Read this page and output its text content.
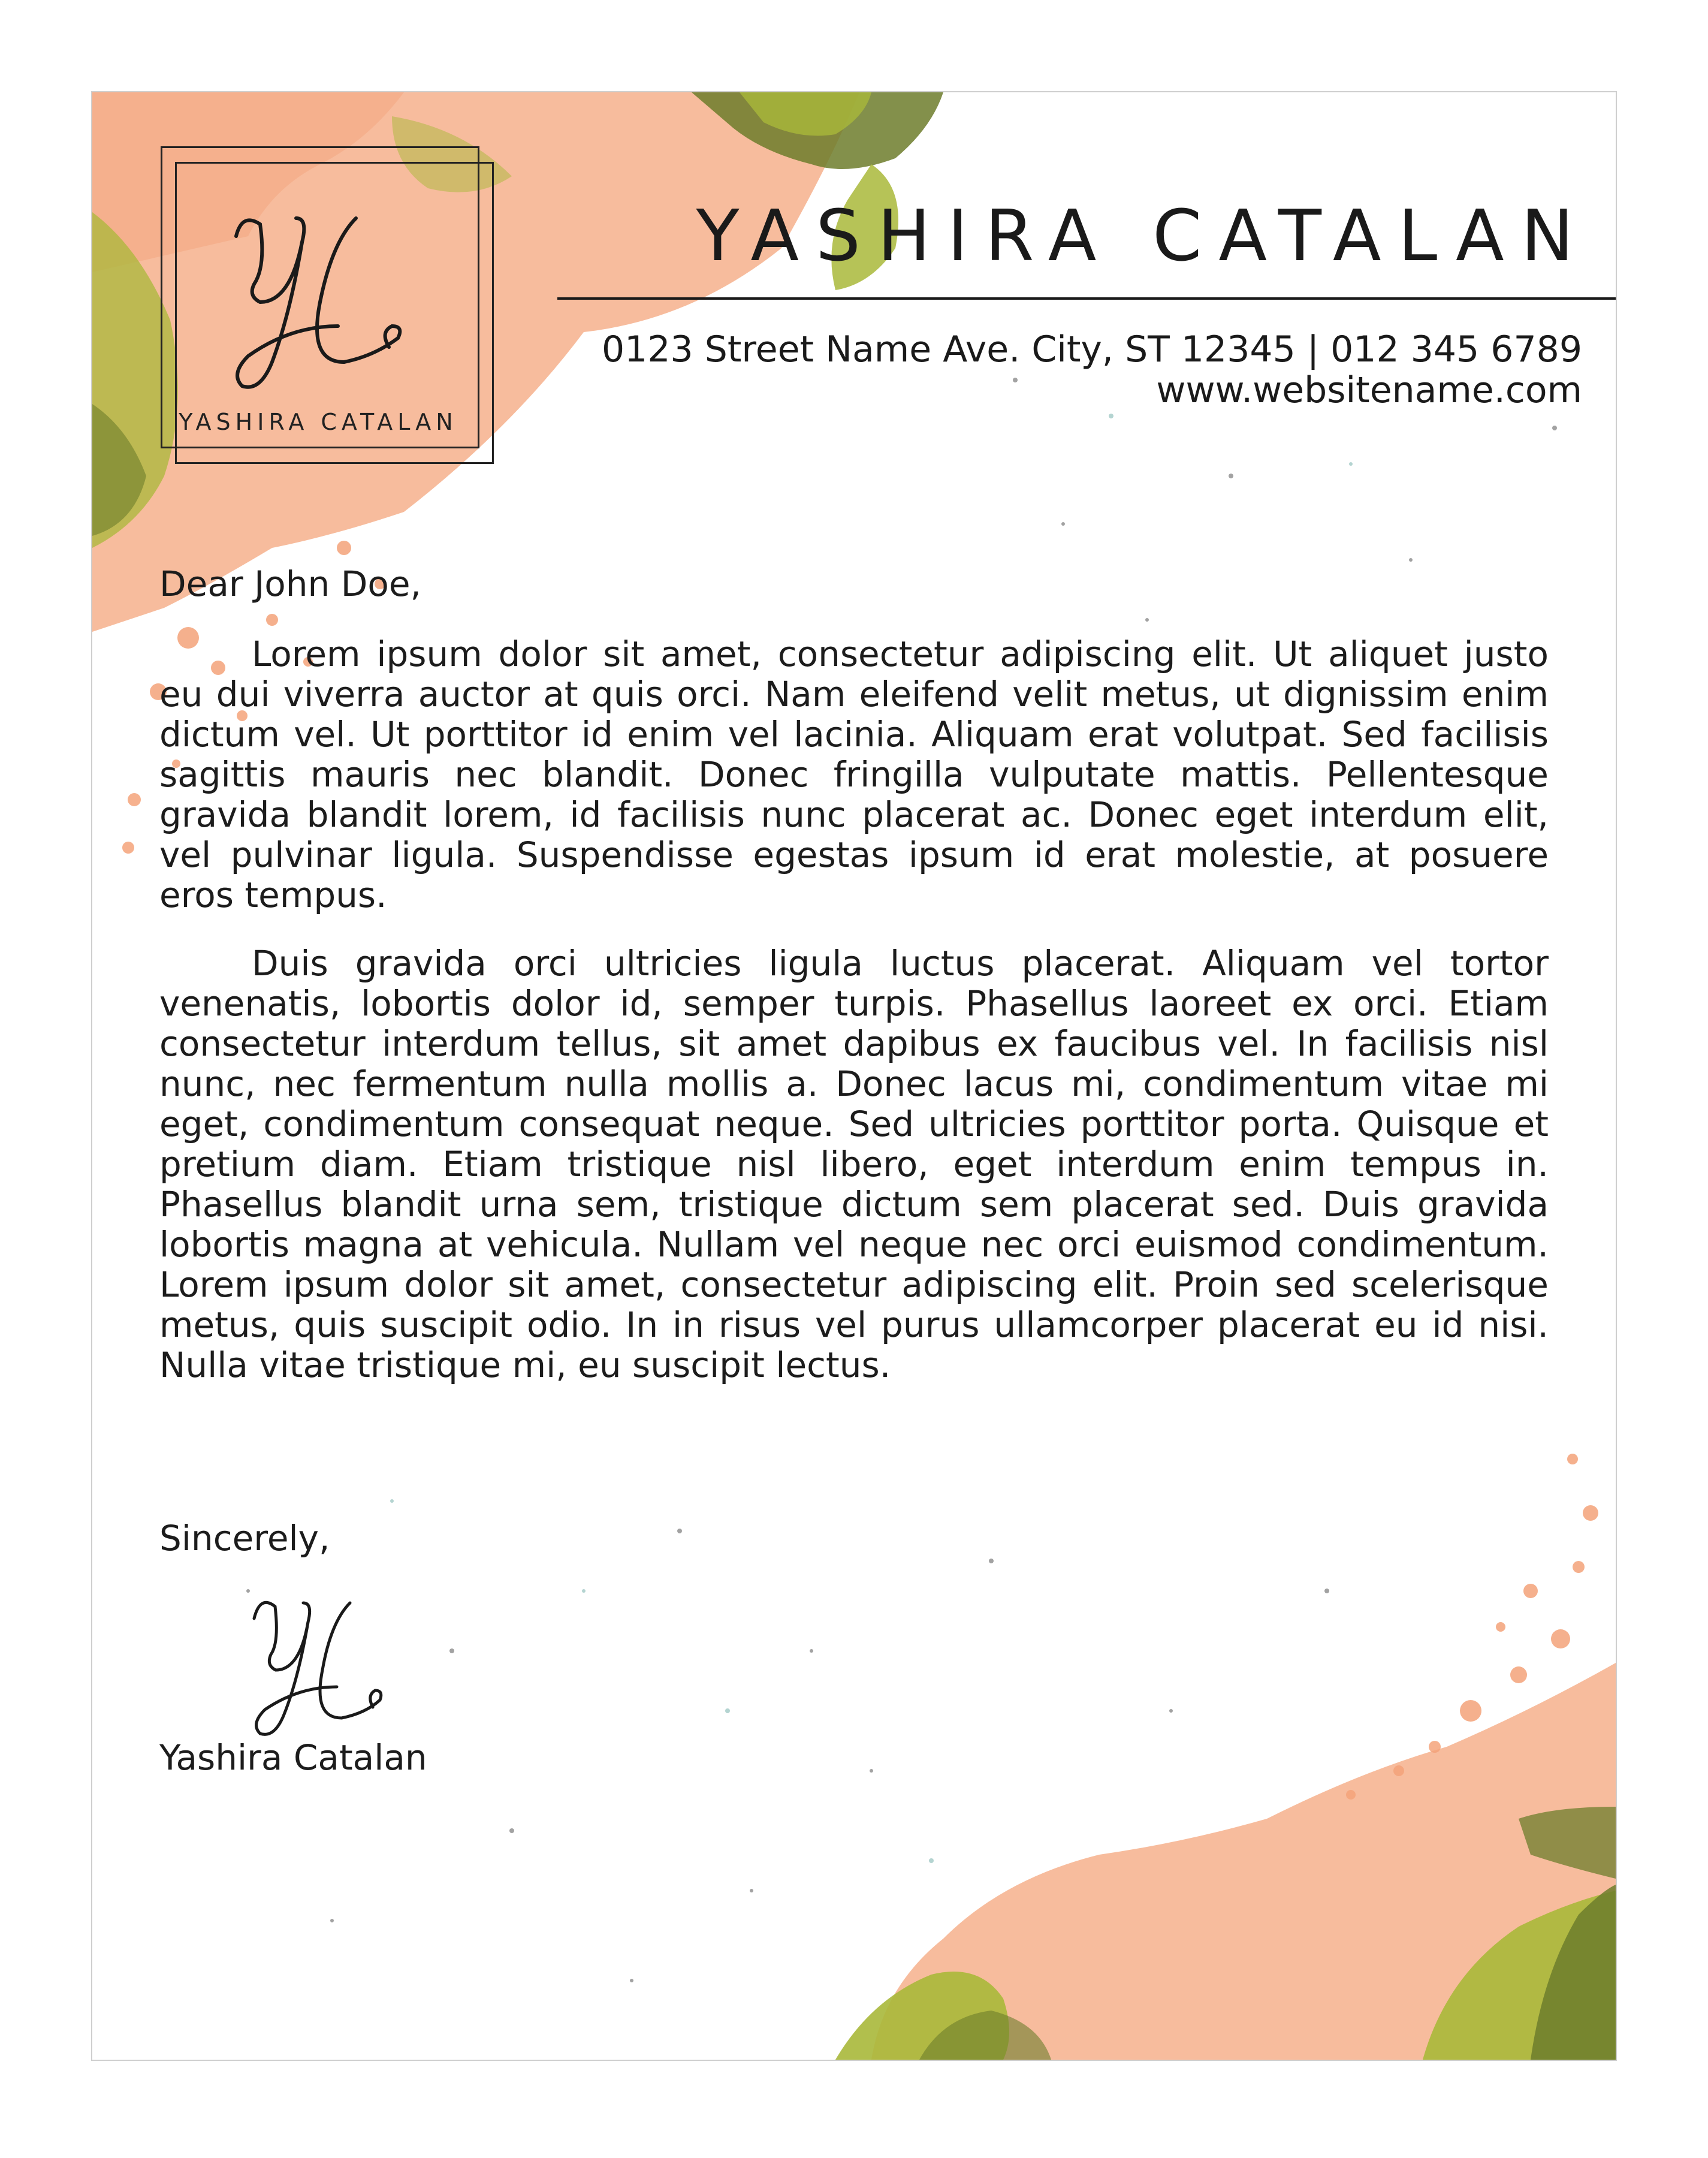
YASHIRA CATALAN
YASHIRA CATALAN
0123 Street Name Ave. City, ST 12345 | 012 345 6789
www.websitename.com
Dear John Doe,

Lorem ipsum dolor sit amet, consectetur adipiscing elit. Ut aliquet justo eu dui viverra auctor at quis orci. Nam eleifend velit metus, ut dignissim enim dictum vel. Ut porttitor id enim vel lacinia. Aliquam erat volutpat. Sed facilisis sagittis mauris nec blandit. Donec fringilla vulputate mattis. Pellentesque gravida blandit lorem, id facilisis nunc placerat ac. Donec eget interdum elit, vel pulvinar ligula. Suspendisse egestas ipsum id erat molestie, at posuere eros tempus.

Duis gravida orci ultricies ligula luctus placerat. Aliquam vel tortor venenatis, lobortis dolor id, semper turpis. Phasellus laoreet ex orci. Etiam consectetur interdum tellus, sit amet dapibus ex faucibus vel. In facilisis nisl nunc, nec fermentum nulla mollis a. Donec lacus mi, condimentum vitae mi eget, condimentum consequat neque. Sed ultricies porttitor porta. Quisque et pretium diam. Etiam tristique nisl libero, eget interdum enim tempus in. Phasellus blandit urna sem, tristique dictum sem placerat sed. Duis gravida lobortis magna at vehicula. Nullam vel neque nec orci euismod condimentum. Lorem ipsum dolor sit amet, consectetur adipiscing elit. Proin sed scelerisque metus, quis suscipit odio. In in risus vel purus ullamcorper placerat eu id nisi. Nulla vitae tristique mi, eu suscipit lectus.

Sincerely,
Yashira Catalan
